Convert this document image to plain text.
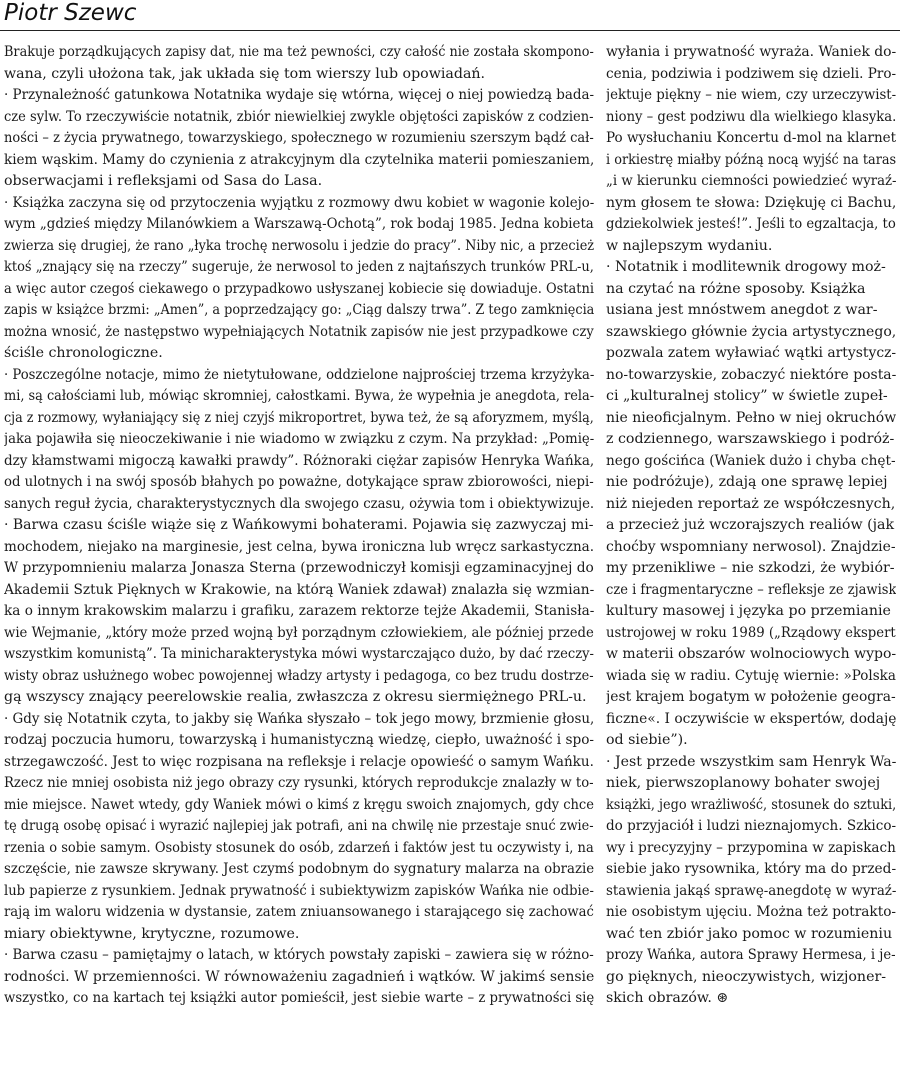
Piotr Szewc
Brakuje porządkujących zapisy dat, nie ma też pewności, czy całość nie została skompono-
wana, czyli ułożona tak, jak układa się tom wierszy lub opowiadań.
· Przynależność gatunkowa Notatnika wydaje się wtórna, więcej o niej powiedzą bada-
cze sylw. To rzeczywiście notatnik, zbiór niewielkiej zwykle objętości zapisków z codzien-
ności – z życia prywatnego, towarzyskiego, społecznego w rozumieniu szerszym bądź cał-
kiem wąskim. Mamy do czynienia z atrakcyjnym dla czytelnika materii pomieszaniem,
obserwacjami i refleksjami od Sasa do Lasa.
· Książka zaczyna się od przytoczenia wyjątku z rozmowy dwu kobiet w wagonie kolejo-
wym „gdzieś między Milanówkiem a Warszawą-Ochotą”, rok bodaj 1985. Jedna kobieta
zwierza się drugiej, że rano „łyka trochę nerwosolu i jedzie do pracy”. Niby nic, a przecież
ktoś „znający się na rzeczy” sugeruje, że nerwosol to jeden z najtańszych trunków PRL-u,
a więc autor czegoś ciekawego o przypadkowo usłyszanej kobiecie się dowiaduje. Ostatni
zapis w książce brzmi: „Amen”, a poprzedzający go: „Ciąg dalszy trwa”. Z tego zamknięcia
można wnosić, że następstwo wypełniających Notatnik zapisów nie jest przypadkowe czy
ściśle chronologiczne.
· Poszczególne notacje, mimo że nietytułowane, oddzielone najprościej trzema krzyżyka-
mi, są całościami lub, mówiąc skromniej, całostkami. Bywa, że wypełnia je anegdota, rela-
cja z rozmowy, wyłaniający się z niej czyjś mikroportret, bywa też, że są aforyzmem, myślą,
jaka pojawiła się nieoczekiwanie i nie wiadomo w związku z czym. Na przykład: „Pomię-
dzy kłamstwami migoczą kawałki prawdy”. Różnoraki ciężar zapisów Henryka Wańka,
od ulotnych i na swój sposób błahych po poważne, dotykające spraw zbiorowości, niepi-
sanych reguł życia, charakterystycznych dla swojego czasu, ożywia tom i obiektywizuje.
· Barwa czasu ściśle wiąże się z Wańkowymi bohaterami. Pojawia się zazwyczaj mi-
mochodem, niejako na marginesie, jest celna, bywa ironiczna lub wręcz sarkastyczna.
W przypomnieniu malarza Jonasza Sterna (przewodniczył komisji egzaminacyjnej do
Akademii Sztuk Pięknych w Krakowie, na którą Waniek zdawał) znalazła się wzmian-
ka o innym krakowskim malarzu i grafiku, zarazem rektorze tejże Akademii, Stanisła-
wie Wejmanie, „który może przed wojną był porządnym człowiekiem, ale później przede
wszystkim komunistą”. Ta minicharakterystyka mówi wystarczająco dużo, by dać rzeczy-
wisty obraz usłużnego wobec powojennej władzy artysty i pedagoga, co bez trudu dostrze-
gą wszyscy znający peerelowskie realia, zwłaszcza z okresu siermiężnego PRL-u.
· Gdy się Notatnik czyta, to jakby się Wańka słyszało – tok jego mowy, brzmienie głosu,
rodzaj poczucia humoru, towarzyską i humanistyczną wiedzę, ciepło, uważność i spo-
strzegawczość. Jest to więc rozpisana na refleksje i relacje opowieść o samym Wańku.
Rzecz nie mniej osobista niż jego obrazy czy rysunki, których reprodukcje znalazły w to-
mie miejsce. Nawet wtedy, gdy Waniek mówi o kimś z kręgu swoich znajomych, gdy chce
tę drugą osobę opisać i wyrazić najlepiej jak potrafi, ani na chwilę nie przestaje snuć zwie-
rzenia o sobie samym. Osobisty stosunek do osób, zdarzeń i faktów jest tu oczywisty i, na
szczęście, nie zawsze skrywany. Jest czymś podobnym do sygnatury malarza na obrazie
lub papierze z rysunkiem. Jednak prywatność i subiektywizm zapisków Wańka nie odbie-
rają im waloru widzenia w dystansie, zatem zniuansowanego i starającego się zachować
miary obiektywne, krytyczne, rozumowe.
· Barwa czasu – pamiętajmy o latach, w których powstały zapiski – zawiera się w różno-
rodności. W przemienności. W równoważeniu zagadnień i wątków. W jakimś sensie
wszystko, co na kartach tej książki autor pomieścił, jest siebie warte – z prywatności się
wyłania i prywatność wyraża. Waniek do-
cenia, podziwia i podziwem się dzieli. Pro-
jektuje piękny – nie wiem, czy urzeczywist-
niony – gest podziwu dla wielkiego klasyka.
Po wysłuchaniu Koncertu d-mol na klarnet
i orkiestrę miałby późną nocą wyjść na taras
„i w kierunku ciemności powiedzieć wyraź-
nym głosem te słowa: Dziękuję ci Bachu,
gdziekolwiek jesteś!”. Jeśli to egzaltacja, to
w najlepszym wydaniu.
· Notatnik i modlitewnik drogowy moż-
na czytać na różne sposoby. Książka
usiana jest mnóstwem anegdot z war-
szawskiego głównie życia artystycznego,
pozwala zatem wyławiać wątki artystycz-
no-towarzyskie, zobaczyć niektóre posta-
ci „kulturalnej stolicy” w świetle zupeł-
nie nieoficjalnym. Pełno w niej okruchów
z codziennego, warszawskiego i podróż-
nego gościńca (Waniek dużo i chyba chęt-
nie podróżuje), zdają one sprawę lepiej
niż niejeden reportaż ze współczesnych,
a przecież już wczorajszych realiów (jak
choćby wspomniany nerwosol). Znajdzie-
my przenikliwe – nie szkodzi, że wybiór-
cze i fragmentaryczne – refleksje ze zjawisk
kultury masowej i języka po przemianie
ustrojowej w roku 1989 („Rządowy ekspert
w materii obszarów wolnociowych wypo-
wiada się w radiu. Cytuję wiernie: »Polska
jest krajem bogatym w położenie geogra-
ficzne«. I oczywiście w ekspertów, dodaję
od siebie”).
· Jest przede wszystkim sam Henryk Wa-
niek, pierwszoplanowy bohater swojej
książki, jego wrażliwość, stosunek do sztuki,
do przyjaciół i ludzi nieznajomych. Szkico-
wy i precyzyjny – przypomina w zapiskach
siebie jako rysownika, który ma do przed-
stawienia jakąś sprawę-anegdotę w wyraź-
nie osobistym ujęciu. Można też potrakto-
wać ten zbiór jako pomoc w rozumieniu
prozy Wańka, autora Sprawy Hermesa, i je-
go pięknych, nieoczywistych, wizjoner-
skich obrazów. ⊛
